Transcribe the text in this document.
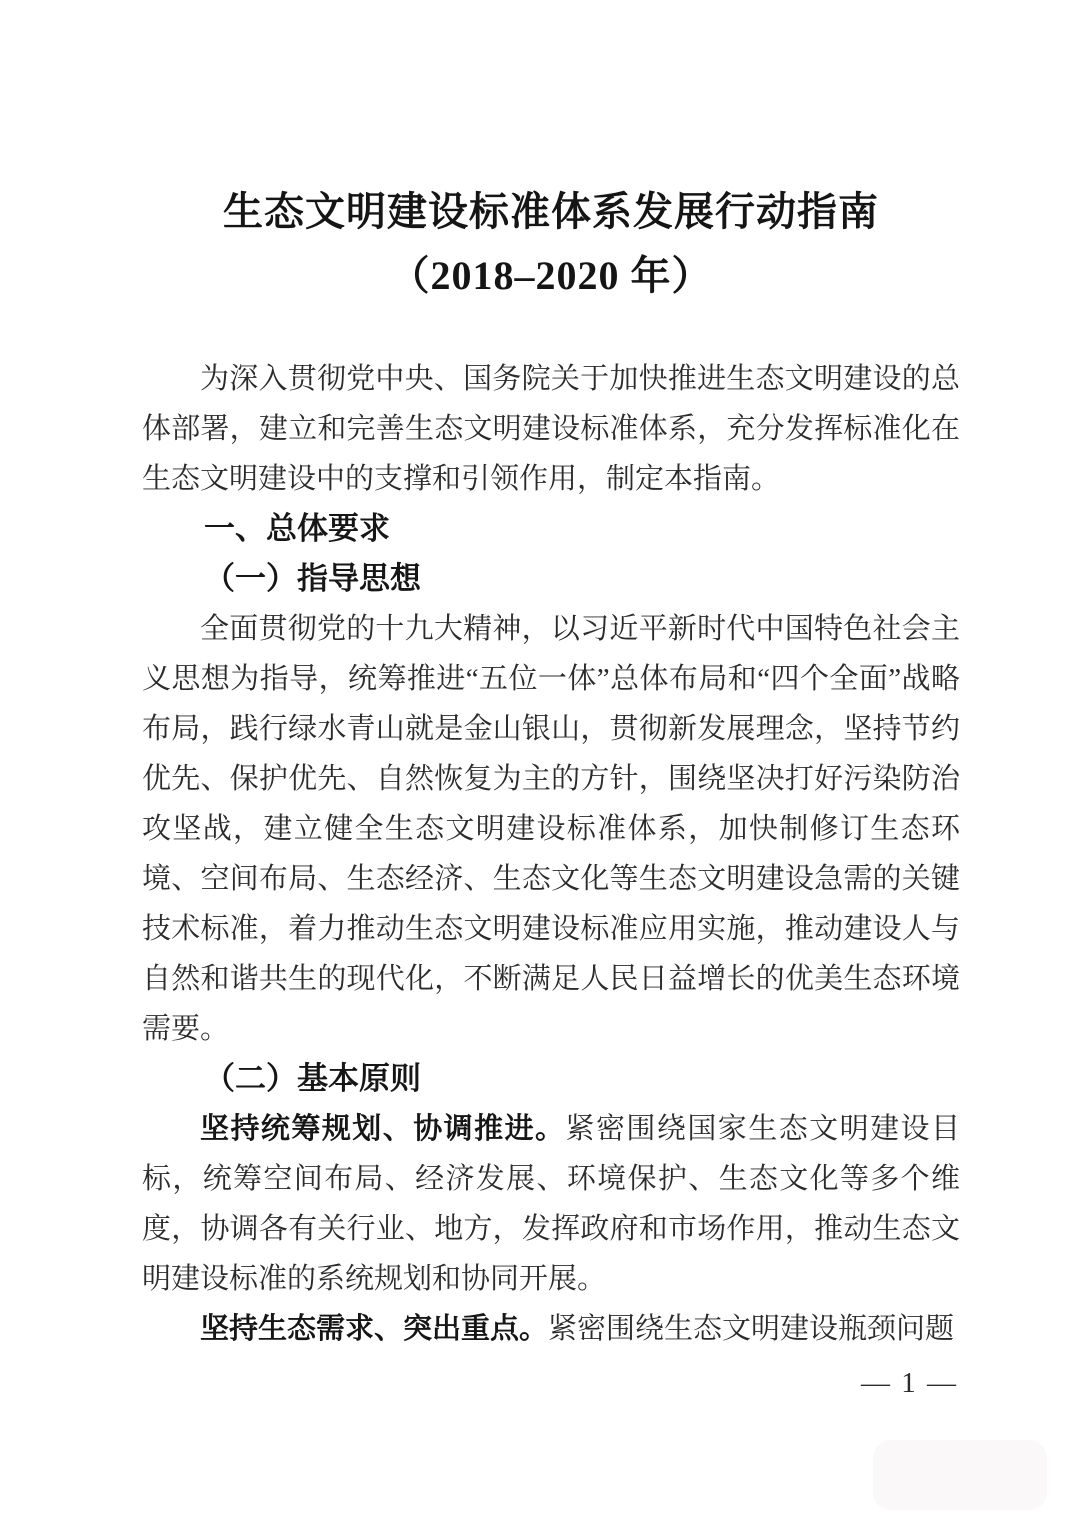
生态文明建设标准体系发展行动指南
（2018–2020 年）

为深入贯彻党中央、国务院关于加快推进生态文明建设的总体部署，建立和完善生态文明建设标准体系，充分发挥标准化在生态文明建设中的支撑和引领作用，制定本指南。

一、总体要求
（一）指导思想

全面贯彻党的十九大精神，以习近平新时代中国特色社会主义思想为指导，统筹推进“五位一体”总体布局和“四个全面”战略布局，践行绿水青山就是金山银山，贯彻新发展理念，坚持节约优先、保护优先、自然恢复为主的方针，围绕坚决打好污染防治攻坚战，建立健全生态文明建设标准体系，加快制修订生态环境、空间布局、生态经济、生态文化等生态文明建设急需的关键技术标准，着力推动生态文明建设标准应用实施，推动建设人与自然和谐共生的现代化，不断满足人民日益增长的优美生态环境需要。

（二）基本原则

坚持统筹规划、协调推进。紧密围绕国家生态文明建设目标，统筹空间布局、经济发展、环境保护、生态文化等多个维度，协调各有关行业、地方，发挥政府和市场作用，推动生态文明建设标准的系统规划和协同开展。

坚持生态需求、突出重点。紧密围绕生态文明建设瓶颈问题

— 1 —
